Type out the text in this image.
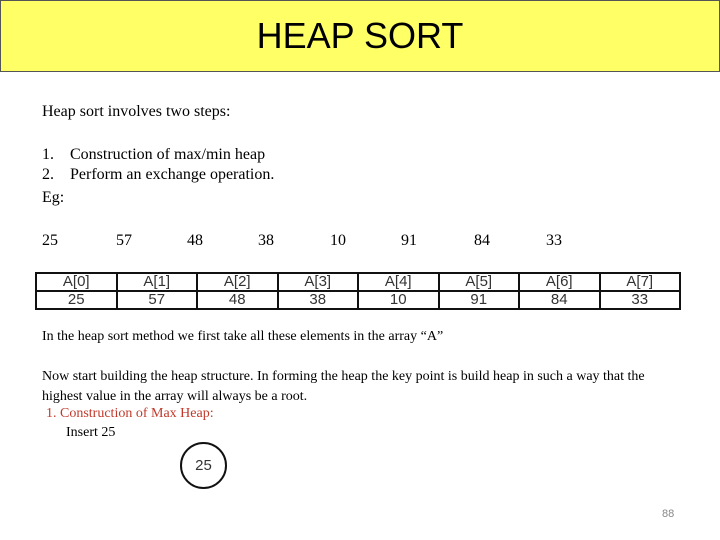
HEAP SORT
Heap sort involves two steps:
1.	Construction of max/min heap
2.	Perform an exchange operation.
Eg:
25	57	48	38	10	91	84	33
A[0]	A[1]	A[2]	A[3]	A[4]	A[5]	A[6]	A[7]
25	57	48	38	10	91	84	33
In the heap sort method we first take all these elements in the array “A”
Now start building the heap structure. In forming the heap the key point is build heap in such a way that the highest value in the array will always be a root.
1. Construction of Max Heap:
Insert 25
25
88
